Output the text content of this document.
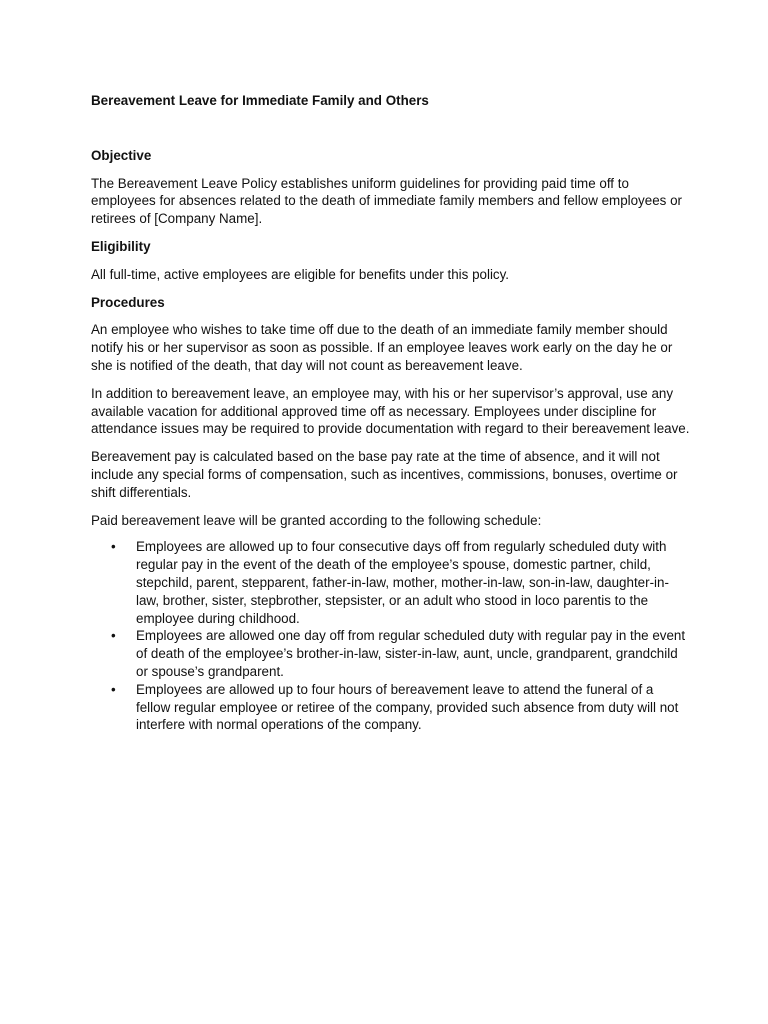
Bereavement Leave for Immediate Family and Others
Objective

The Bereavement Leave Policy establishes uniform guidelines for providing paid time off to employees for absences related to the death of immediate family members and fellow employees or retirees of [Company Name].

Eligibility

All full-time, active employees are eligible for benefits under this policy.

Procedures

An employee who wishes to take time off due to the death of an immediate family member should notify his or her supervisor as soon as possible. If an employee leaves work early on the day he or she is notified of the death, that day will not count as bereavement leave.

In addition to bereavement leave, an employee may, with his or her supervisor’s approval, use any available vacation for additional approved time off as necessary. Employees under discipline for attendance issues may be required to provide documentation with regard to their bereavement leave.

Bereavement pay is calculated based on the base pay rate at the time of absence, and it will not include any special forms of compensation, such as incentives, commissions, bonuses, overtime or shift differentials.

Paid bereavement leave will be granted according to the following schedule:

• Employees are allowed up to four consecutive days off from regularly scheduled duty with regular pay in the event of the death of the employee’s spouse, domestic partner, child, stepchild, parent, stepparent, father-in-law, mother, mother-in-law, son-in-law, daughter-in-law, brother, sister, stepbrother, stepsister, or an adult who stood in loco parentis to the employee during childhood.
• Employees are allowed one day off from regular scheduled duty with regular pay in the event of death of the employee’s brother-in-law, sister-in-law, aunt, uncle, grandparent, grandchild or spouse’s grandparent.
• Employees are allowed up to four hours of bereavement leave to attend the funeral of a fellow regular employee or retiree of the company, provided such absence from duty will not interfere with normal operations of the company.
